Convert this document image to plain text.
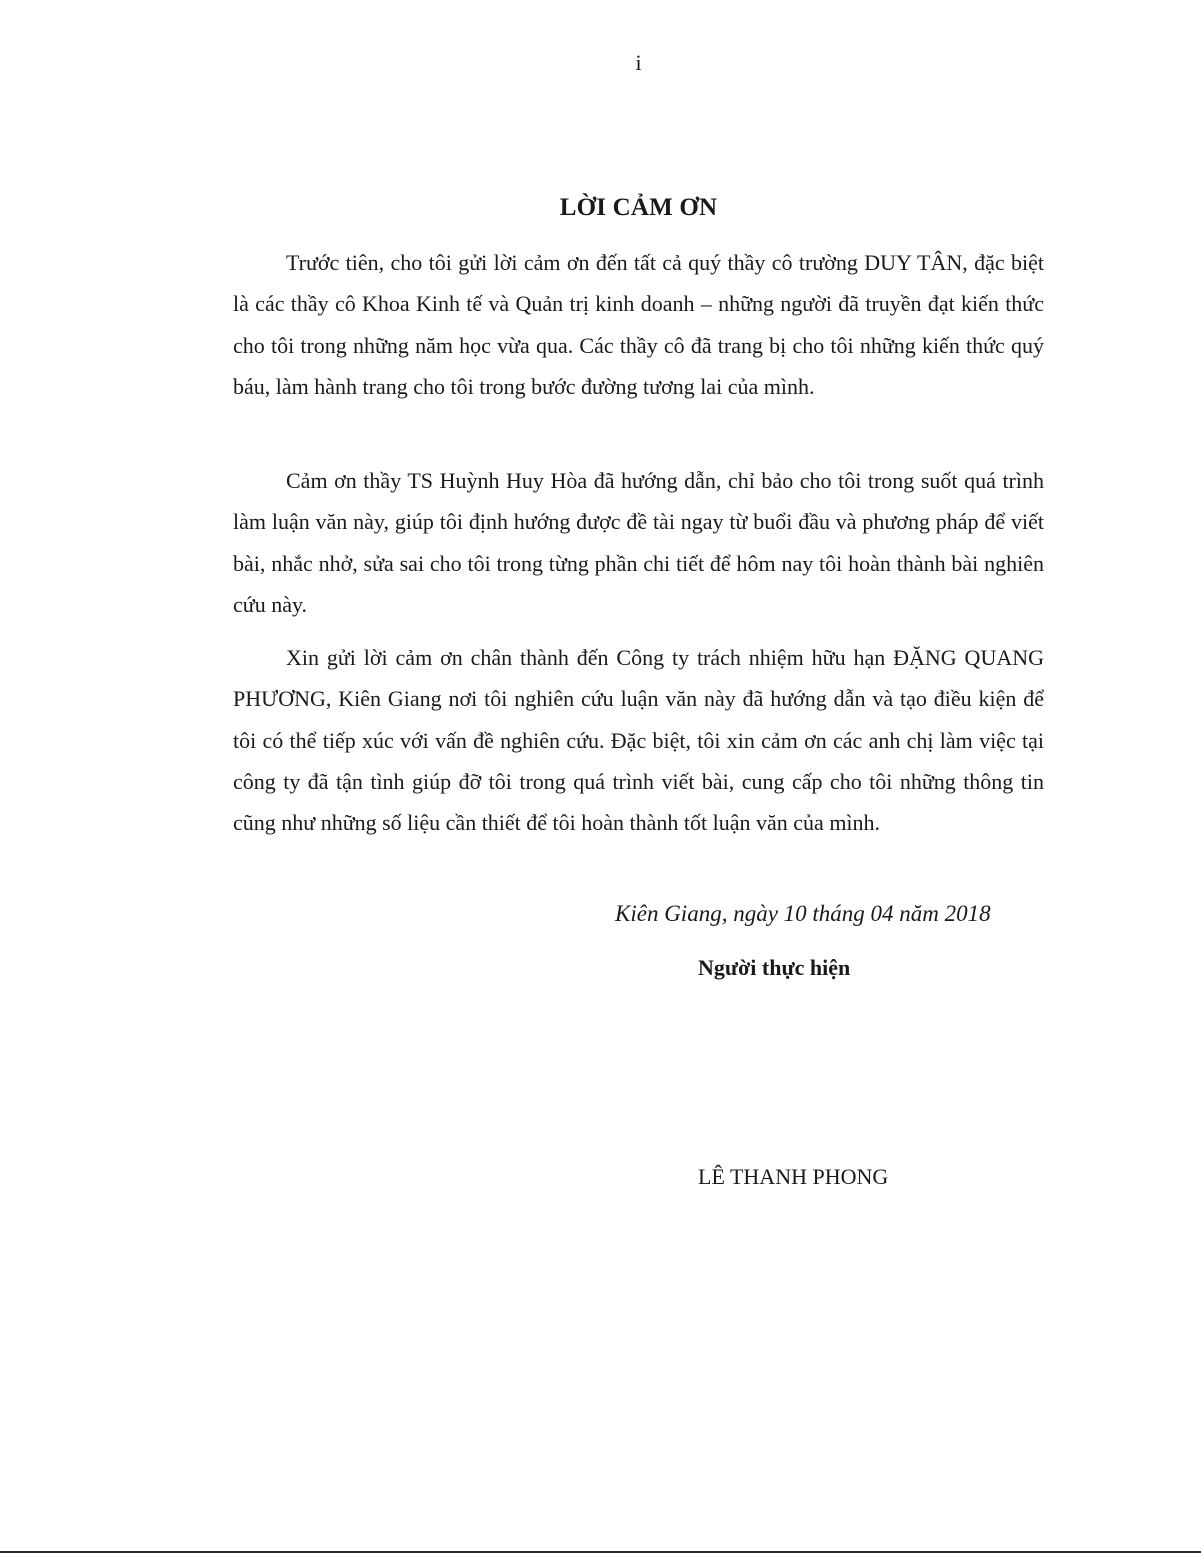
i
LỜI CẢM ƠN

Trước tiên, cho tôi gửi lời cảm ơn đến tất cả quý thầy cô trường DUY TÂN, đặc biệt là các thầy cô Khoa Kinh tế và Quản trị kinh doanh – những người đã truyền đạt kiến thức cho tôi trong những năm học vừa qua. Các thầy cô đã trang bị cho tôi những kiến thức quý báu, làm hành trang cho tôi trong bước đường tương lai của mình.

Cảm ơn thầy TS Huỳnh Huy Hòa đã hướng dẫn, chỉ bảo cho tôi trong suốt quá trình làm luận văn này, giúp tôi định hướng được đề tài ngay từ buổi đầu và phương pháp để viết bài, nhắc nhở, sửa sai cho tôi trong từng phần chi tiết để hôm nay tôi hoàn thành bài nghiên cứu này.

Xin gửi lời cảm ơn chân thành đến Công ty trách nhiệm hữu hạn ĐẶNG QUANG PHƯƠNG, Kiên Giang nơi tôi nghiên cứu luận văn này đã hướng dẫn và tạo điều kiện để tôi có thể tiếp xúc với vấn đề nghiên cứu. Đặc biệt, tôi xin cảm ơn các anh chị làm việc tại công ty đã tận tình giúp đỡ tôi trong quá trình viết bài, cung cấp cho tôi những thông tin cũng như những số liệu cần thiết để tôi hoàn thành tốt luận văn của mình.

Kiên Giang, ngày 10 tháng 04 năm 2018
Người thực hiện
LÊ THANH PHONG
